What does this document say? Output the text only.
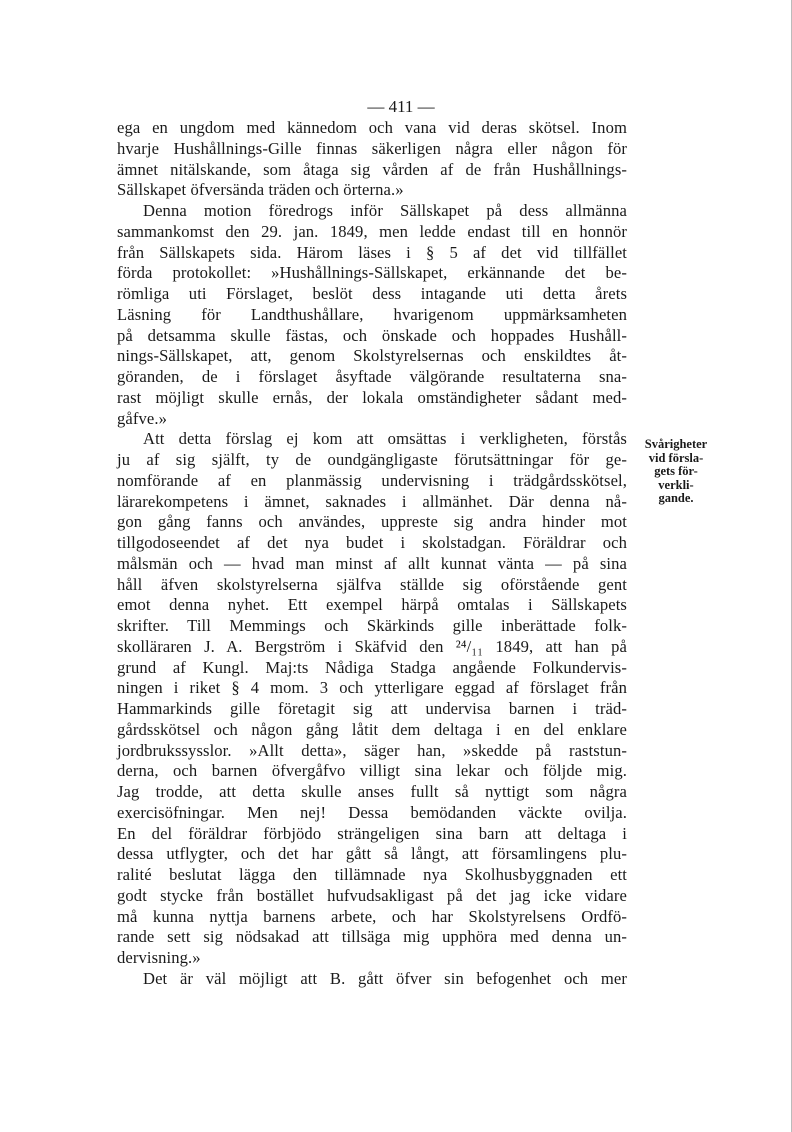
— 411 —
ega en ungdom med kännedom och vana vid deras skötsel. Inom
hvarje Hushållnings-Gille finnas säkerligen några eller någon för
ämnet nitälskande, som åtaga sig vården af de från Hushållnings-
Sällskapet öfversända träden och örterna.»
Denna motion föredrogs inför Sällskapet på dess allmänna
sammankomst den 29. jan. 1849, men ledde endast till en honnör
från Sällskapets sida. Härom läses i § 5 af det vid tillfället
förda protokollet: »Hushållnings-Sällskapet, erkännande det be-
römliga uti Förslaget, beslöt dess intagande uti detta årets
Läsning för Landthushållare, hvarigenom uppmärksamheten
på detsamma skulle fästas, och önskade och hoppades Hushåll-
nings-Sällskapet, att, genom Skolstyrelsernas och enskildtes åt-
göranden, de i förslaget åsyftade välgörande resultaterna sna-
rast möjligt skulle ernås, der lokala omständigheter sådant med-
gåfve.»
Att detta förslag ej kom att omsättas i verkligheten, förstås
ju af sig själft, ty de oundgängligaste förutsättningar för ge-
nomförande af en planmässig undervisning i trädgårdsskötsel,
lärarekompetens i ämnet, saknades i allmänhet. Där denna nå-
gon gång fanns och användes, uppreste sig andra hinder mot
tillgodoseendet af det nya budet i skolstadgan. Föräldrar och
målsmän och — hvad man minst af allt kunnat vänta — på sina
håll äfven skolstyrelserna själfva ställde sig oförstående gent
emot denna nyhet. Ett exempel härpå omtalas i Sällskapets
skrifter. Till Memmings och Skärkinds gille inberättade folk-
skolläraren J. A. Bergström i Skäfvid den ²⁴/₁₁ 1849, att han på
grund af Kungl. Maj:ts Nådiga Stadga angående Folkundervis-
ningen i riket § 4 mom. 3 och ytterligare eggad af förslaget från
Hammarkinds gille företagit sig att undervisa barnen i träd-
gårdsskötsel och någon gång låtit dem deltaga i en del enklare
jordbrukssysslor. »Allt detta», säger han, »skedde på raststun-
derna, och barnen öfvergåfvo villigt sina lekar och följde mig.
Jag trodde, att detta skulle anses fullt så nyttigt som några
exercisöfningar. Men nej! Dessa bemödanden väckte ovilja.
En del föräldrar förbjödo strängeligen sina barn att deltaga i
dessa utflygter, och det har gått så långt, att församlingens plu-
ralité beslutat lägga den tillämnade nya Skolhusbyggnaden ett
godt stycke från bostället hufvudsakligast på det jag icke vidare
må kunna nyttja barnens arbete, och har Skolstyrelsens Ordfö-
rande sett sig nödsakad att tillsäga mig upphöra med denna un-
dervisning.»
Det är väl möjligt att B. gått öfver sin befogenhet och mer
Svårigheter
vid försla-
gets för-
verkli-
gande.
